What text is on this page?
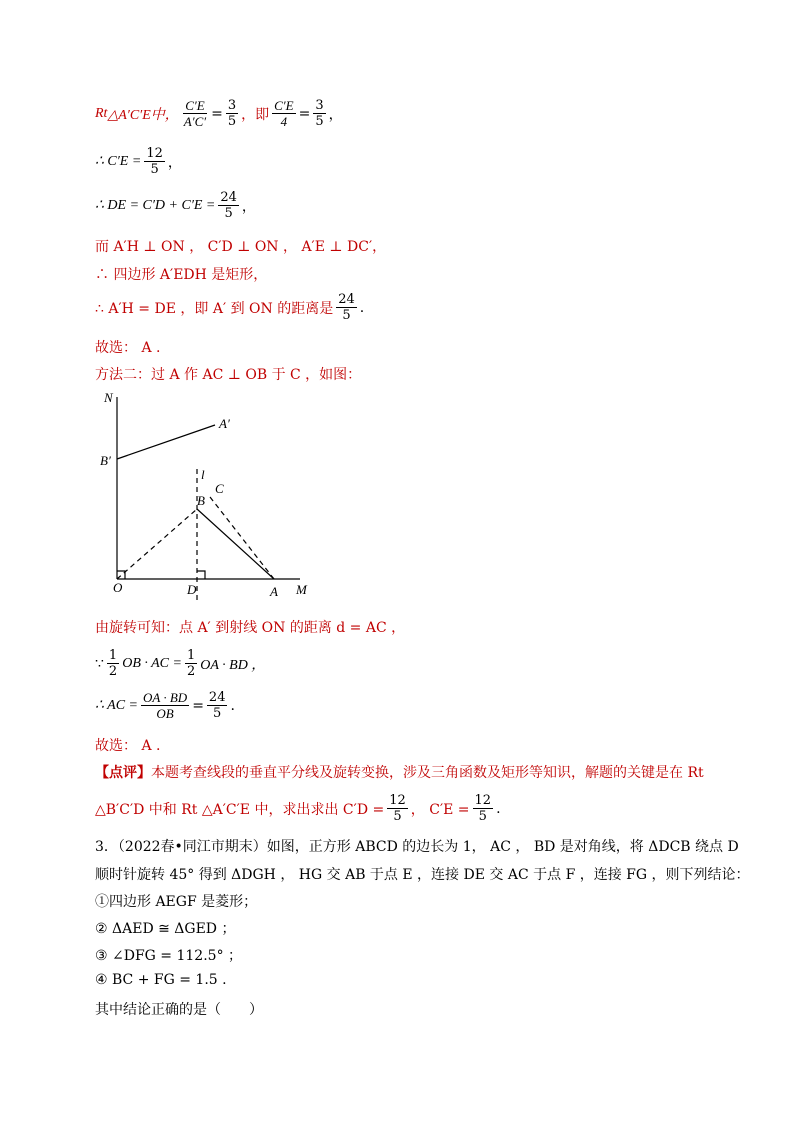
Rt △A′C′E中， $\frac{C'E}{A'C'} = \frac{3}{5}$ ，即 $\frac{C'E}{4} = \frac{3}{5}$ ，
∴ $C'E = \frac{12}{5}$ ，
∴ DE = $C'D + C'E = \frac{24}{5}$ ，
而 A′H ⊥ ON ， C′D ⊥ ON ， A′E ⊥ DC′，
∴ 四边形 A′EDH 是矩形，
∴ A′H = DE ，即 A′ 到 ON 的距离是 $\frac{24}{5}$ .
故选： A .
方法二：过 A 作 AC ⊥ OB 于 C ，如图：
N
A′
B′
l
C
B
O	D	A M
由旋转可知：点 A′ 到射线 ON 的距离 d = AC ，
∵ $\frac{1}{2}$ OB · AC = $\frac{1}{2}$ OA · BD ，
∴ AC = $\frac{OA \cdot BD}{OB} = \frac{24}{5}$ .
故选： A .
【点评】 本题考查线段的垂直平分线及旋转变换，涉及三角函数及矩形等知识，解题的关键是在 Rt
△B′C′D 中和 Rt △A′C′E 中，求出求出 $C'D = \frac{12}{5}$ ， $C'E = \frac{12}{5}$ .
3．（2022春•同江市期末）如图，正方形 ABCD 的边长为 1， AC ， BD 是对角线，将 ΔDCB 绕点 D
顺时针旋转 45° 得到 ΔDGH ， HG 交 AB 于点 E ，连接 DE 交 AC 于点 F ，连接 FG ，则下列结论：
①四边形 AEGF 是菱形；
② ΔAED ≅ ΔGED ；
③ ∠DFG = 112.5° ；
④ BC + FG = 1.5 .
其中结论正确的是（　　）
